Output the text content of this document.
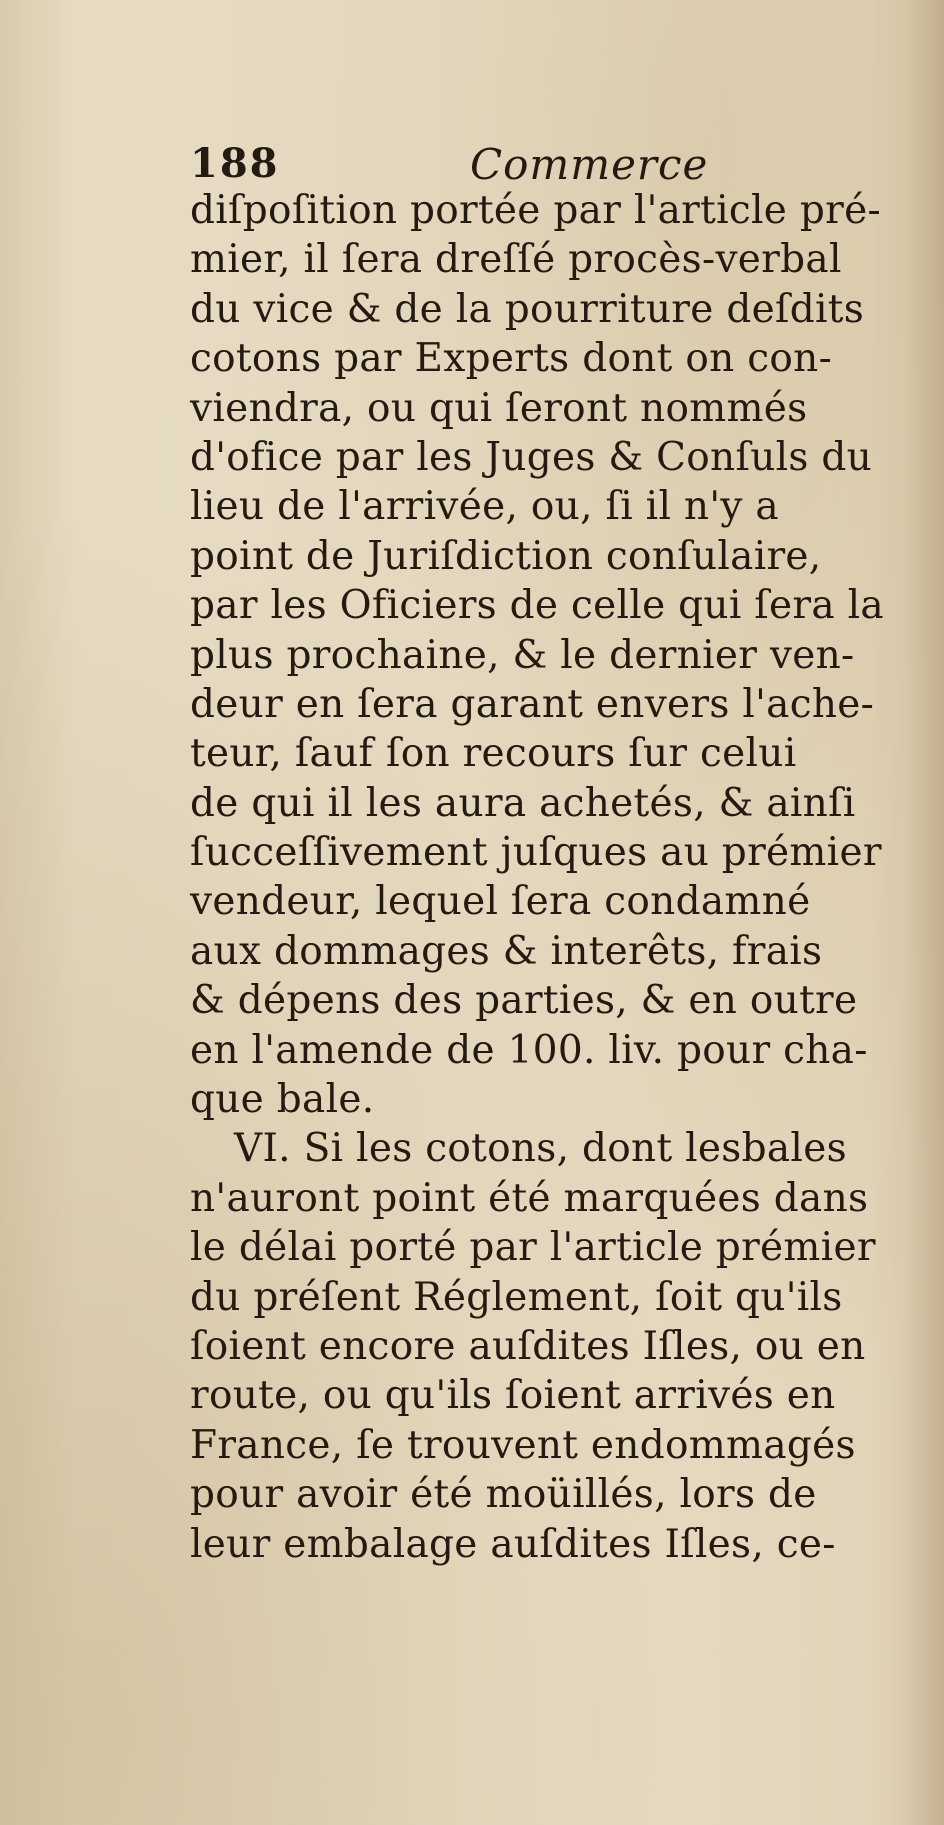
188	Commerce
diſpoſition portée par l'article pré-
mier, il ſera dreſſé procès-verbal
du vice & de la pourriture deſdits
cotons par Experts dont on con-
viendra, ou qui ſeront nommés
d'ofice par les Juges & Conſuls du
lieu de l'arrivée, ou, ſi il n'y a
point de Juriſdiction conſulaire,
par les Oficiers de celle qui ſera la
plus prochaine, & le dernier ven-
deur en ſera garant envers l'ache-
teur, ſauf ſon recours ſur celui
de qui il les aura achetés, & ainſi
ſucceſſivement juſques au prémier
vendeur, lequel ſera condamné
aux dommages & interêts, frais
& dépens des parties, & en outre
en l'amende de 100. liv. pour cha-
que bale.
VI. Si les cotons, dont lesbales
n'auront point été marquées dans
le délai porté par l'article prémier
du préſent Réglement, ſoit qu'ils
ſoient encore auſdites Iſles, ou en
route, ou qu'ils ſoient arrivés en
France, ſe trouvent endommagés
pour avoir été moüillés, lors de
leur embalage auſdites Iſles, ce-
